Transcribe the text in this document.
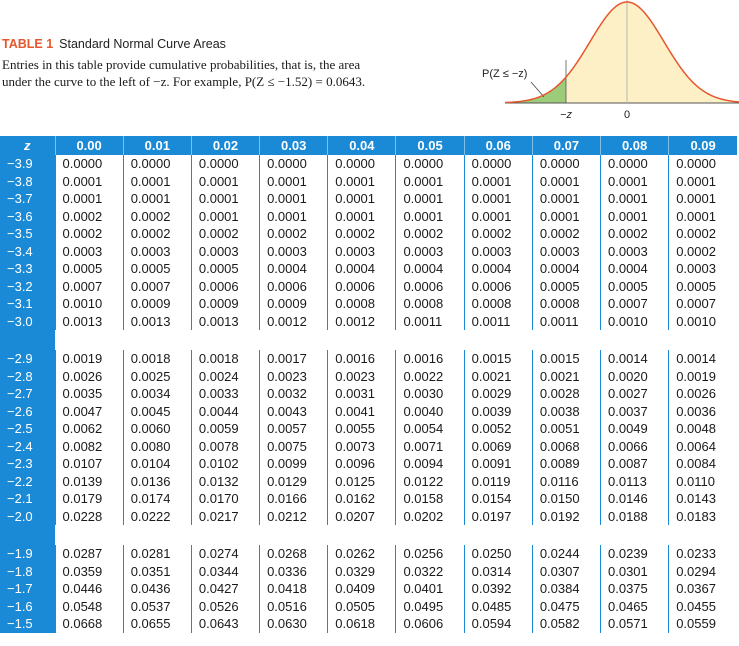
TABLE 1 Standard Normal Curve Areas
Entries in this table provide cumulative probabilities, that is, the area
under the curve to the left of −z. For example, P(Z ≤ −1.52) = 0.0643.	P(Z ≤ −z)
−z	0
z	0.00	0.01	0.02	0.03	0.04	0.05	0.06	0.07	0.08	0.09
−3.9	0.0000	0.0000	0.0000	0.0000	0.0000	0.0000	0.0000	0.0000	0.0000	0.0000
−3.8	0.0001	0.0001	0.0001	0.0001	0.0001	0.0001	0.0001	0.0001	0.0001	0.0001
−3.7	0.0001	0.0001	0.0001	0.0001	0.0001	0.0001	0.0001	0.0001	0.0001	0.0001
−3.6	0.0002	0.0002	0.0001	0.0001	0.0001	0.0001	0.0001	0.0001	0.0001	0.0001
−3.5	0.0002	0.0002	0.0002	0.0002	0.0002	0.0002	0.0002	0.0002	0.0002	0.0002
−3.4	0.0003	0.0003	0.0003	0.0003	0.0003	0.0003	0.0003	0.0003	0.0003	0.0002
−3.3	0.0005	0.0005	0.0005	0.0004	0.0004	0.0004	0.0004	0.0004	0.0004	0.0003
−3.2	0.0007	0.0007	0.0006	0.0006	0.0006	0.0006	0.0006	0.0005	0.0005	0.0005
−3.1	0.0010	0.0009	0.0009	0.0009	0.0008	0.0008	0.0008	0.0008	0.0007	0.0007
−3.0	0.0013	0.0013	0.0013	0.0012	0.0012	0.0011	0.0011	0.0011	0.0010	0.0010

−2.9	0.0019	0.0018	0.0018	0.0017	0.0016	0.0016	0.0015	0.0015	0.0014	0.0014
−2.8	0.0026	0.0025	0.0024	0.0023	0.0023	0.0022	0.0021	0.0021	0.0020	0.0019
−2.7	0.0035	0.0034	0.0033	0.0032	0.0031	0.0030	0.0029	0.0028	0.0027	0.0026
−2.6	0.0047	0.0045	0.0044	0.0043	0.0041	0.0040	0.0039	0.0038	0.0037	0.0036
−2.5	0.0062	0.0060	0.0059	0.0057	0.0055	0.0054	0.0052	0.0051	0.0049	0.0048
−2.4	0.0082	0.0080	0.0078	0.0075	0.0073	0.0071	0.0069	0.0068	0.0066	0.0064
−2.3	0.0107	0.0104	0.0102	0.0099	0.0096	0.0094	0.0091	0.0089	0.0087	0.0084
−2.2	0.0139	0.0136	0.0132	0.0129	0.0125	0.0122	0.0119	0.0116	0.0113	0.0110
−2.1	0.0179	0.0174	0.0170	0.0166	0.0162	0.0158	0.0154	0.0150	0.0146	0.0143
−2.0	0.0228	0.0222	0.0217	0.0212	0.0207	0.0202	0.0197	0.0192	0.0188	0.0183

−1.9	0.0287	0.0281	0.0274	0.0268	0.0262	0.0256	0.0250	0.0244	0.0239	0.0233
−1.8	0.0359	0.0351	0.0344	0.0336	0.0329	0.0322	0.0314	0.0307	0.0301	0.0294
−1.7	0.0446	0.0436	0.0427	0.0418	0.0409	0.0401	0.0392	0.0384	0.0375	0.0367
−1.6	0.0548	0.0537	0.0526	0.0516	0.0505	0.0495	0.0485	0.0475	0.0465	0.0455
−1.5	0.0668	0.0655	0.0643	0.0630	0.0618	0.0606	0.0594	0.0582	0.0571	0.0559
